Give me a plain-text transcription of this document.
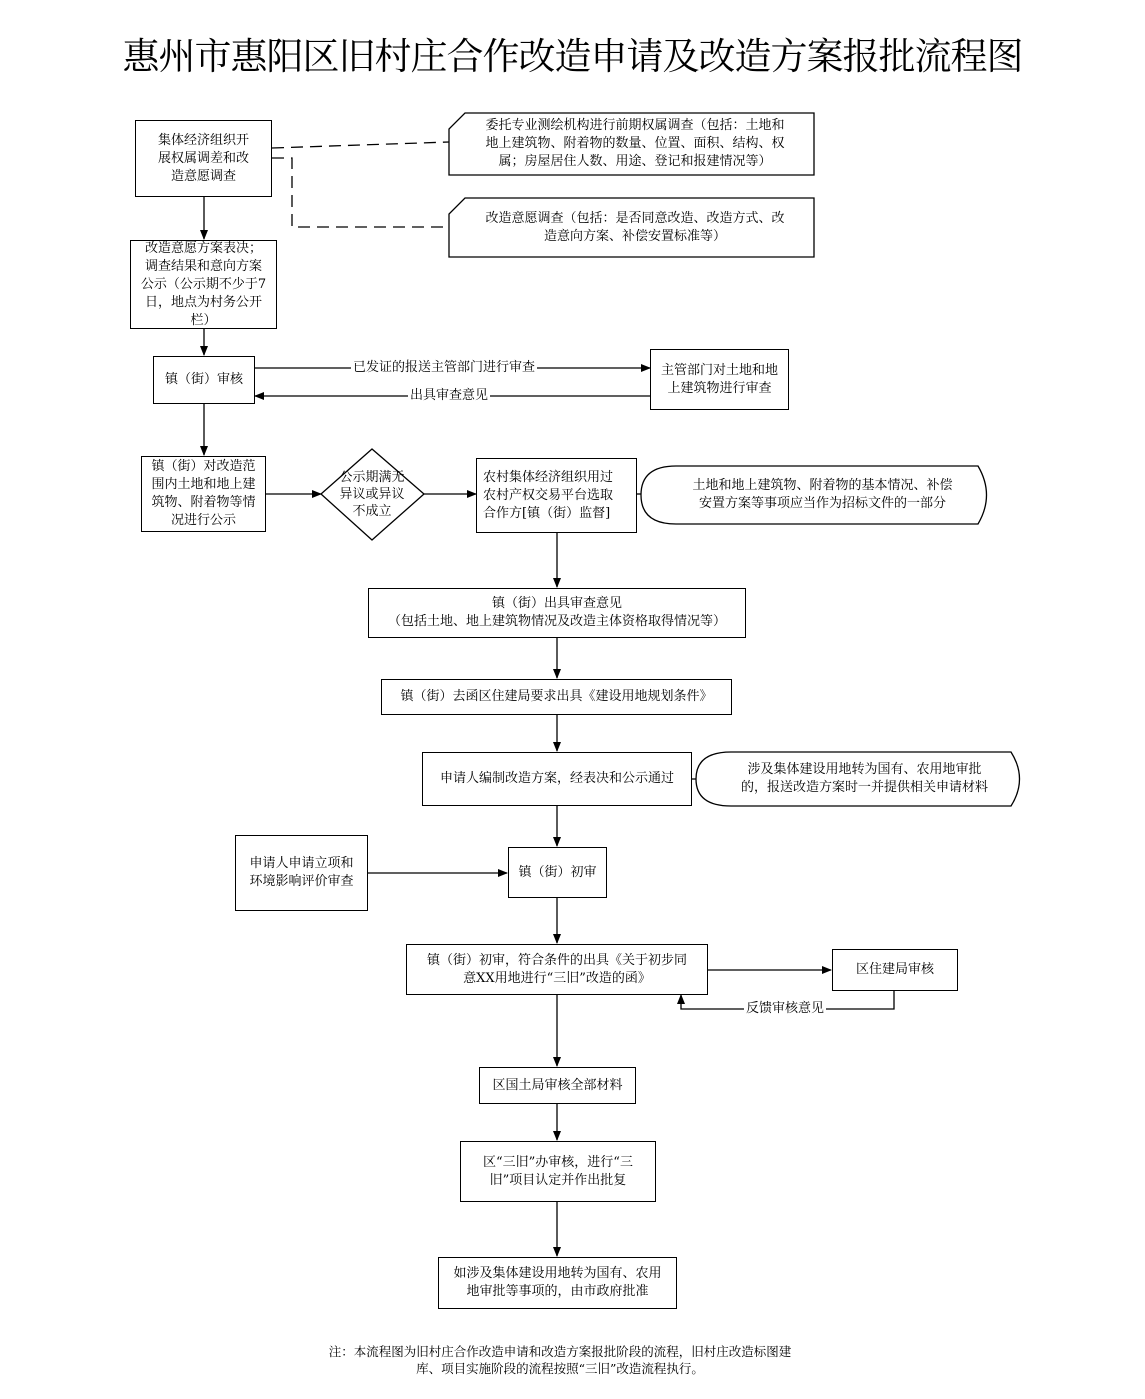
惠州市惠阳区旧村庄合作改造申请及改造方案报批流程图
集体经济组织开
展权属调差和改
造意愿调查
委托专业测绘机构进行前期权属调查（包括：土地和
地上建筑物、附着物的数量、位置、面积、结构、权
属；房屋居住人数、用途、登记和报建情况等）
改造意愿调查（包括：是否同意改造、改造方式、改
造意向方案、补偿安置标准等）
改造意愿方案表决；
调查结果和意向方案
公示（公示期不少于7
日，地点为村务公开
栏）
镇（街）审核
主管部门对土地和地
上建筑物进行审查
镇（街）对改造范
围内土地和地上建
筑物、附着物等情
况进行公示
公示期满无
异议或异议
不成立
农村集体经济组织用过
农村产权交易平台选取
合作方[镇（街）监督]
土地和地上建筑物、附着物的基本情况、补偿
安置方案等事项应当作为招标文件的一部分
镇（街）出具审查意见
（包括土地、地上建筑物情况及改造主体资格取得情况等）
镇（街）去函区住建局要求出具《建设用地规划条件》
申请人编制改造方案，经表决和公示通过
涉及集体建设用地转为国有、农用地审批
的，报送改造方案时一并提供相关申请材料
申请人申请立项和
环境影响评价审查
镇（街）初审
镇（街）初审，符合条件的出具《关于初步同
意XX用地进行“三旧”改造的函》
区住建局审核
区国土局审核全部材料
区“三旧”办审核，进行“三
旧”项目认定并作出批复
如涉及集体建设用地转为国有、农用
地审批等事项的，由市政府批准
已发证的报送主管部门进行审查
出具审查意见
反馈审核意见
注：本流程图为旧村庄合作改造申请和改造方案报批阶段的流程，旧村庄改造标图建
库、项目实施阶段的流程按照“三旧”改造流程执行。
